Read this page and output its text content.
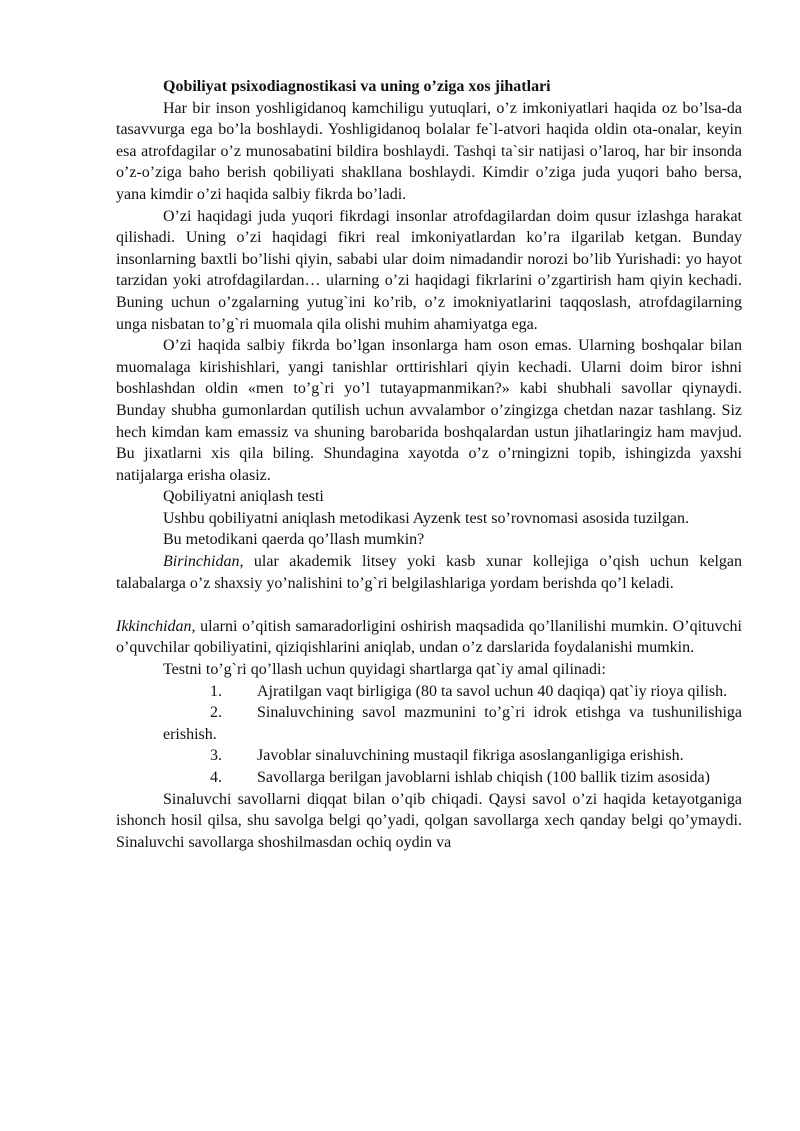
Qobiliyat psixodiagnostikasi va uning o’ziga xos jihatlari

Har bir inson yoshligidanoq kamchiligu yutuqlari, o’z imkoniyatlari haqida oz bo’lsa-da tasavvurga ega bo’la boshlaydi. Yoshligidanoq bolalar fe`l-atvori haqida oldin ota-onalar, keyin esa atrofdagilar o’z munosabatini bildira boshlaydi. Tashqi ta`sir natijasi o’laroq, har bir insonda o’z-o’ziga baho berish qobiliyati shakllana boshlaydi. Kimdir o’ziga juda yuqori baho bersa, yana kimdir o’zi haqida salbiy fikrda bo’ladi.

O’zi haqidagi juda yuqori fikrdagi insonlar atrofdagilardan doim qusur izlashga harakat qilishadi. Uning o’zi haqidagi fikri real imkoniyatlardan ko’ra ilgarilab ketgan. Bunday insonlarning baxtli bo’lishi qiyin, sababi ular doim nimadandir norozi bo’lib Yurishadi: yo hayot tarzidan yoki atrofdagilardan… ularning o’zi haqidagi fikrlarini o’zgartirish ham qiyin kechadi. Buning uchun o’zgalarning yutug`ini ko’rib, o’z imokniyatlarini taqqoslash, atrofdagilarning unga nisbatan to’g`ri muomala qila olishi muhim ahamiyatga ega.

O’zi haqida salbiy fikrda bo’lgan insonlarga ham oson emas. Ularning boshqalar bilan muomalaga kirishishlari, yangi tanishlar orttirishlari qiyin kechadi. Ularni doim biror ishni boshlashdan oldin «men to’g`ri yo’l tutayapmanmikan?» kabi shubhali savollar qiynaydi. Bunday shubha gumonlardan qutilish uchun avvalambor o’zingizga chetdan nazar tashlang. Siz hech kimdan kam emassiz va shuning barobarida boshqalardan ustun jihatlaringiz ham mavjud. Bu jixatlarni xis qila biling. Shundagina xayotda o’z o’rningizni topib, ishingizda yaxshi natijalarga erisha olasiz.

Qobiliyatni aniqlash testi

Ushbu qobiliyatni aniqlash metodikasi Ayzenk test so’rovnomasi asosida tuzilgan.

Bu metodikani qaerda qo’llash mumkin?

Birinchidan, ular akademik litsey yoki kasb xunar kollejiga o’qish uchun kelgan talabalarga o’z shaxsiy yo’nalishini to’g`ri belgilashlariga yordam berishda qo’l keladi.

Ikkinchidan, ularni o’qitish samaradorligini oshirish maqsadida qo’llanilishi mumkin. O’qituvchi o’quvchilar qobiliyatini, qiziqishlarini aniqlab, undan o’z darslarida foydalanishi mumkin.

Testni to’g`ri qo’llash uchun quyidagi shartlarga qat`iy amal qilinadi:

1. Ajratilgan vaqt birligiga (80 ta savol uchun 40 daqiqa) qat`iy rioya qilish.

2. Sinaluvchining savol mazmunini to’g`ri idrok etishga va tushunilishiga erishish.

3. Javoblar sinaluvchining mustaqil fikriga asoslanganligiga erishish.

4. Savollarga berilgan javoblarni ishlab chiqish (100 ballik tizim asosida)

Sinaluvchi savollarni diqqat bilan o’qib chiqadi. Qaysi savol o’zi haqida ketayotganiga ishonch hosil qilsa, shu savolga belgi qo’yadi, qolgan savollarga xech qanday belgi qo’ymaydi. Sinaluvchi savollarga shoshilmasdan ochiq oydin va
